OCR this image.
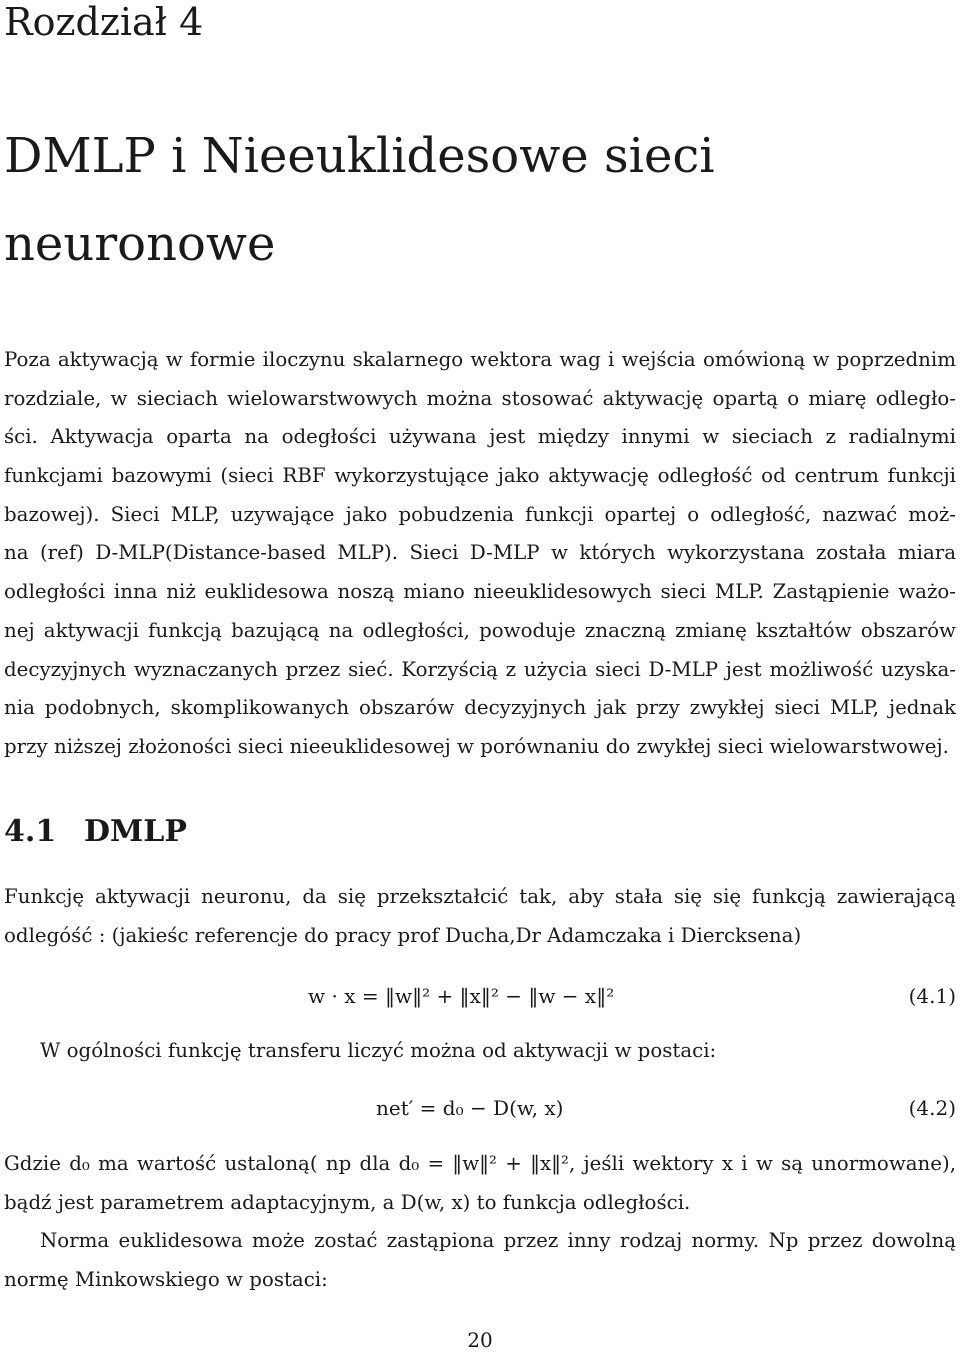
Rozdział 4
DMLP i Nieeuklidesowe sieci
neuronowe
Poza aktywacją w formie iloczynu skalarnego wektora wag i wejścia omówioną w poprzednim
rozdziale, w sieciach wielowarstwowych można stosować aktywację opartą o miarę odległo-
ści. Aktywacja oparta na odegłości używana jest między innymi w sieciach z radialnymi
funkcjami bazowymi (sieci RBF wykorzystujące jako aktywację odległość od centrum funkcji
bazowej). Sieci MLP, uzywające jako pobudzenia funkcji opartej o odległość, nazwać moż-
na (ref) D-MLP(Distance-based MLP). Sieci D-MLP w których wykorzystana została miara
odległości inna niż euklidesowa noszą miano nieeuklidesowych sieci MLP. Zastąpienie ważo-
nej aktywacji funkcją bazującą na odległości, powoduje znaczną zmianę kształtów obszarów
decyzyjnych wyznaczanych przez sieć. Korzyścią z użycia sieci D-MLP jest możliwość uzyska-
nia podobnych, skomplikowanych obszarów decyzyjnych jak przy zwykłej sieci MLP, jednak
przy niższej złożoności sieci nieeuklidesowej w porównaniu do zwykłej sieci wielowarstwowej.
4.1 DMLP
Funkcję aktywacji neuronu, da się przekształcić tak, aby stała się się funkcją zawierającą
odlegóść : (jakieśc referencje do pracy prof Ducha,Dr Adamczaka i Diercksena)
w · x = ‖w‖² + ‖x‖² − ‖w − x‖²	(4.1)
W ogólności funkcję transferu liczyć można od aktywacji w postaci:
net′ = d₀ − D(w, x)	(4.2)
Gdzie d₀ ma wartość ustaloną( np dla d₀ = ‖w‖² + ‖x‖², jeśli wektory x i w są unormowane),
bądź jest parametrem adaptacyjnym, a D(w, x) to funkcja odległości.
Norma euklidesowa może zostać zastąpiona przez inny rodzaj normy. Np przez dowolną
normę Minkowskiego w postaci:
20
